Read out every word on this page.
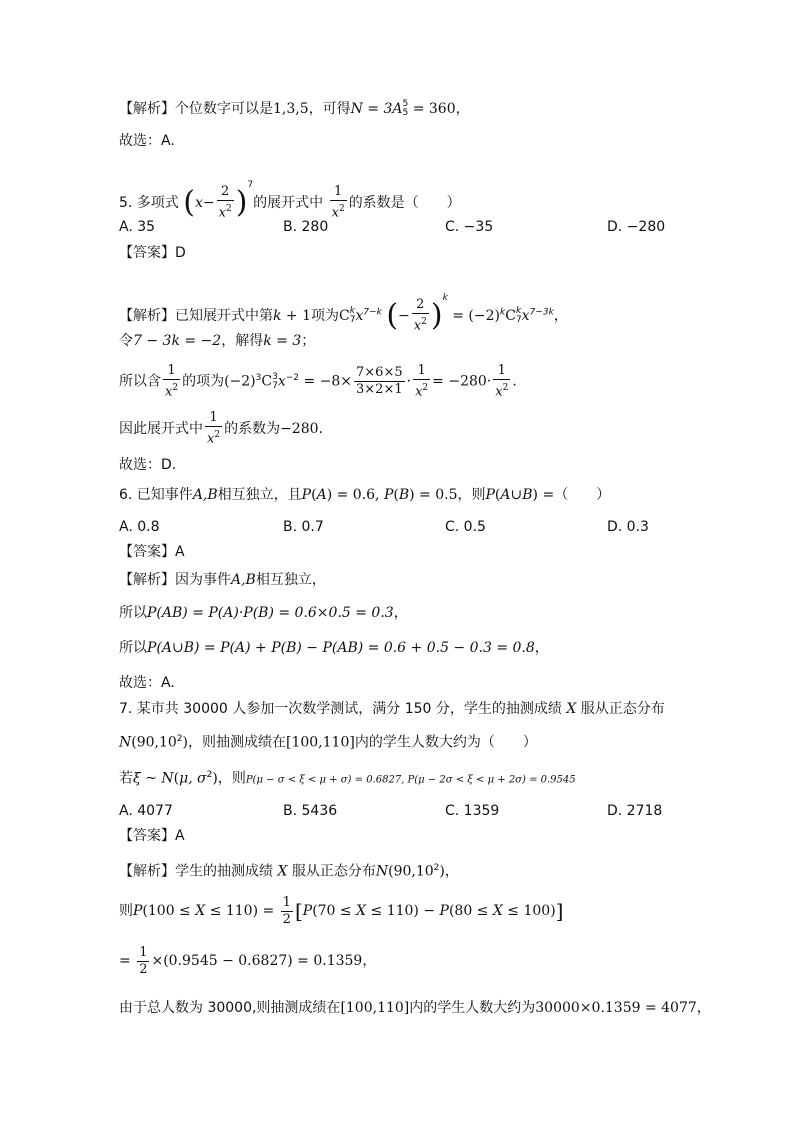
【解析】个位数字可以是1,3,5，可得N = 3A 5
5 = 360，
故选：A.
5. 多项式 $(x- \frac{2}{x^2} )^7$的展开式中 $\frac{1}{x^2}$ 的系数是（　　）
A. 35	B. 280	C. −35	D. −280
【答案】D
【解析】已知展开式中第k + 1项为C k
7 $x^{7-k}$ (− $\frac{2}{x^2} )^k = (-2)^kC$ k
7 $x^{7-3k}$，
令7 − 3k = −2，解得k = 3；
所以含 $\frac{1}{x^2}$ 的项为$(-2)^3C$ 3
7 $x^{-2} = -8\times \frac{7\times 6\times 5}{3\times 2\times 1} \cdot \frac{1}{x^2} = -280\cdot \frac{1}{x^2}$ .
因此展开式中 $\frac{1}{x^2}$ 的系数为−280.
故选：D.
6. 已知事件A,B相互独立，且P(A) = 0.6, P(B) = 0.5，则P(A∪B) =（　　）
A. 0.8	B. 0.7	C. 0.5	D. 0.3
【答案】A
【解析】因为事件A,B相互独立，
所以P(AB) = P(A)·P(B) = 0.6×0.5 = 0.3，
所以P(A∪B) = P(A) + P(B) − P(AB) = 0.6 + 0.5 − 0.3 = 0.8，
故选：A.
7. 某市共 30000 人参加一次数学测试，满分 150 分，学生的抽测成绩 X 服从正态分布
N(90,10$^2$)，则抽测成绩在[100,110]内的学生人数大约为（　　）
若ξ ~ N(μ, $\sigma^2$)，则P(μ − σ < ξ < μ + σ) = 0.6827, P(μ − 2σ < ξ < μ + 2σ) = 0.9545
A. 4077	B. 5436	C. 1359	D. 2718
【答案】A
【解析】学生的抽测成绩 X 服从正态分布N(90,10$^2$)，
则$P(100 \le X \le 110) = \frac{1}{2} [P(70 \le X \le 110) - P(80 \le X \le 100)]$
= $\frac{1}{2} \times(0.9545 - 0.6827) = 0.1359$，
由于总人数为 30000,则抽测成绩在[100,110]内的学生人数大约为30000×0.1359 = 4077，
